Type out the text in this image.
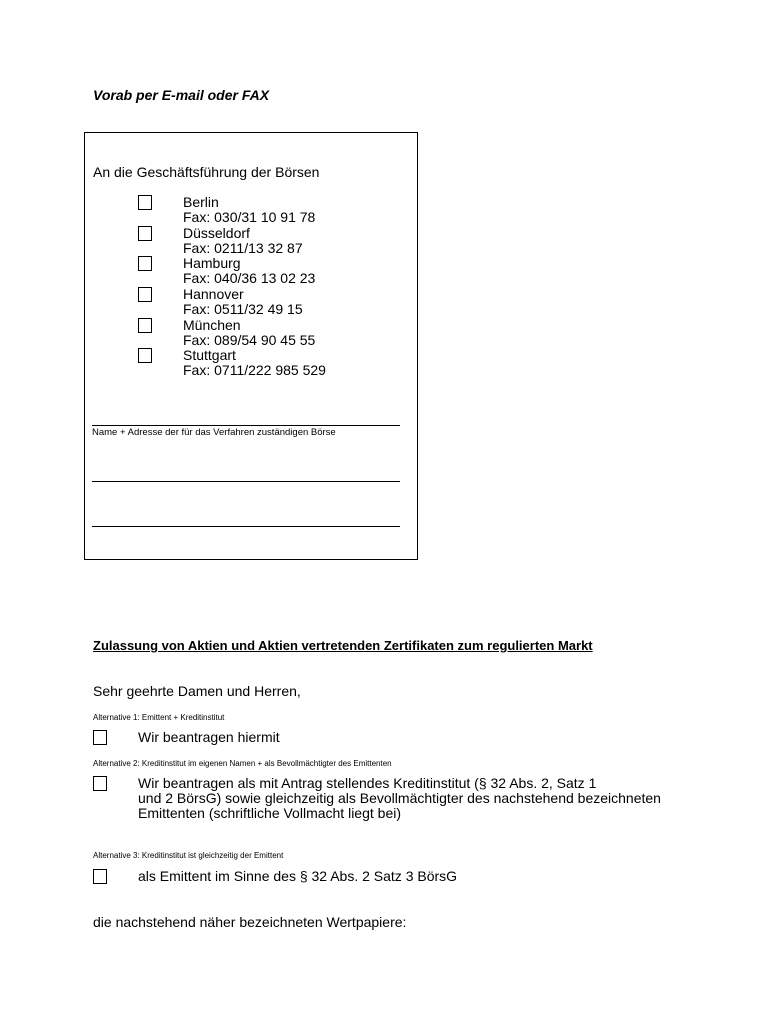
Vorab per E-mail oder FAX
An die Geschäftsführung der Börsen
Berlin
Fax: 030/31 10 91 78
Düsseldorf
Fax: 0211/13 32 87
Hamburg
Fax: 040/36 13 02 23
Hannover
Fax: 0511/32 49 15
München
Fax: 089/54 90 45 55
Stuttgart
Fax: 0711/222 985 529
Name + Adresse der für das Verfahren zuständigen Börse
Zulassung von Aktien und Aktien vertretenden Zertifikaten zum regulierten Markt
Sehr geehrte Damen und Herren,
Alternative 1: Emittent + Kreditinstitut
Wir beantragen hiermit
Alternative 2: Kreditinstitut im eigenen Namen + als Bevollmächtigter des Emittenten
Wir beantragen als mit Antrag stellendes Kreditinstitut (§ 32 Abs. 2, Satz 1
und 2 BörsG) sowie gleichzeitig als Bevollmächtigter des nachstehend bezeichneten
Emittenten (schriftliche Vollmacht liegt bei)
Alternative 3: Kreditinstitut ist gleichzeitig der Emittent
als Emittent im Sinne des § 32 Abs. 2 Satz 3 BörsG
die nachstehend näher bezeichneten Wertpapiere:
